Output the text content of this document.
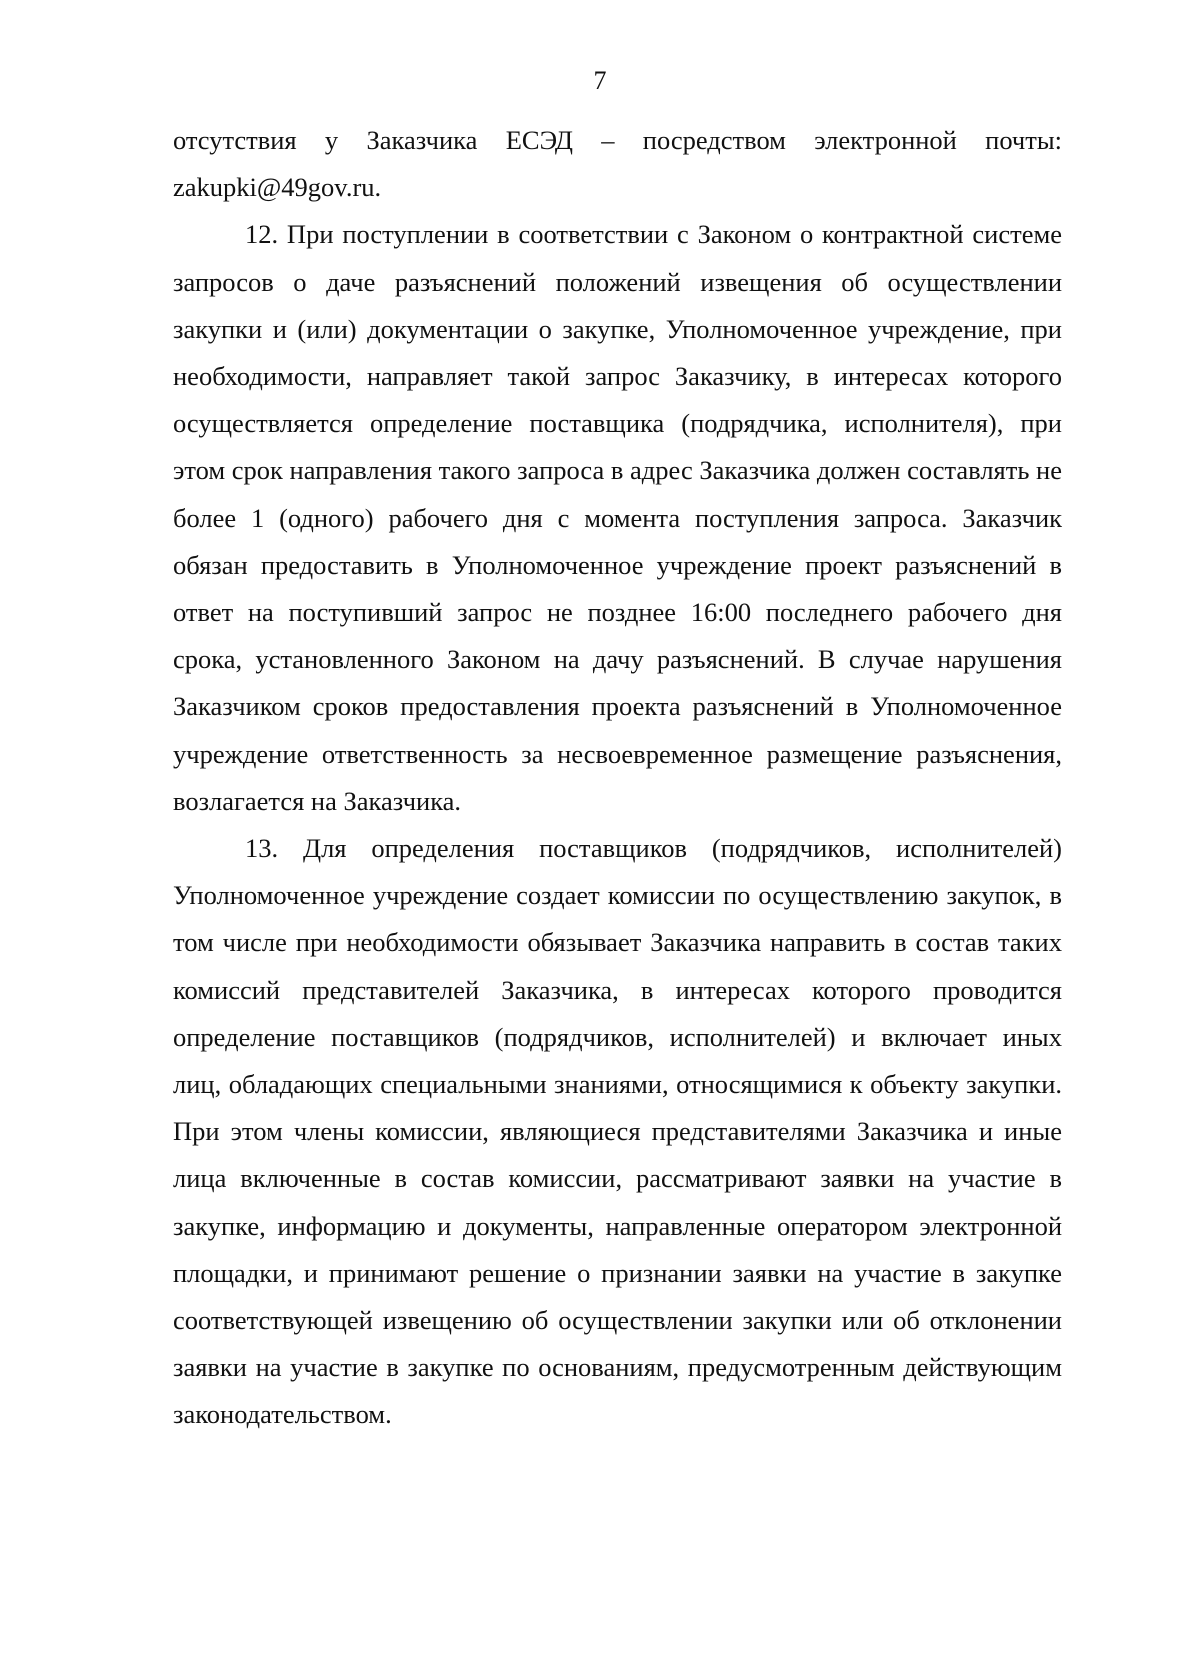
7

отсутствия у Заказчика ЕСЭД – посредством электронной почты: zakupki@49gov.ru.

12. При поступлении в соответствии с Законом о контрактной системе запросов о даче разъяснений положений извещения об осуществлении закупки и (или) документации о закупке, Уполномоченное учреждение, при необходимости, направляет такой запрос Заказчику, в интересах которого осуществляется определение поставщика (подрядчика, исполнителя), при этом срок направления такого запроса в адрес Заказчика должен составлять не более 1 (одного) рабочего дня с момента поступления запроса. Заказчик обязан предоставить в Уполномоченное учреждение проект разъяснений в ответ на поступивший запрос не позднее 16:00 последнего рабочего дня срока, установленного Законом на дачу разъяснений. В случае нарушения Заказчиком сроков предоставления проекта разъяснений в Уполномоченное учреждение ответственность за несвоевременное размещение разъяснения, возлагается на Заказчика.

13. Для определения поставщиков (подрядчиков, исполнителей) Уполномоченное учреждение создает комиссии по осуществлению закупок, в том числе при необходимости обязывает Заказчика направить в состав таких комиссий представителей Заказчика, в интересах которого проводится определение поставщиков (подрядчиков, исполнителей) и включает иных лиц, обладающих специальными знаниями, относящимися к объекту закупки. При этом члены комиссии, являющиеся представителями Заказчика и иные лица включенные в состав комиссии, рассматривают заявки на участие в закупке, информацию и документы, направленные оператором электронной площадки, и принимают решение о признании заявки на участие в закупке соответствующей извещению об осуществлении закупки или об отклонении заявки на участие в закупке по основаниям, предусмотренным действующим законодательством.
